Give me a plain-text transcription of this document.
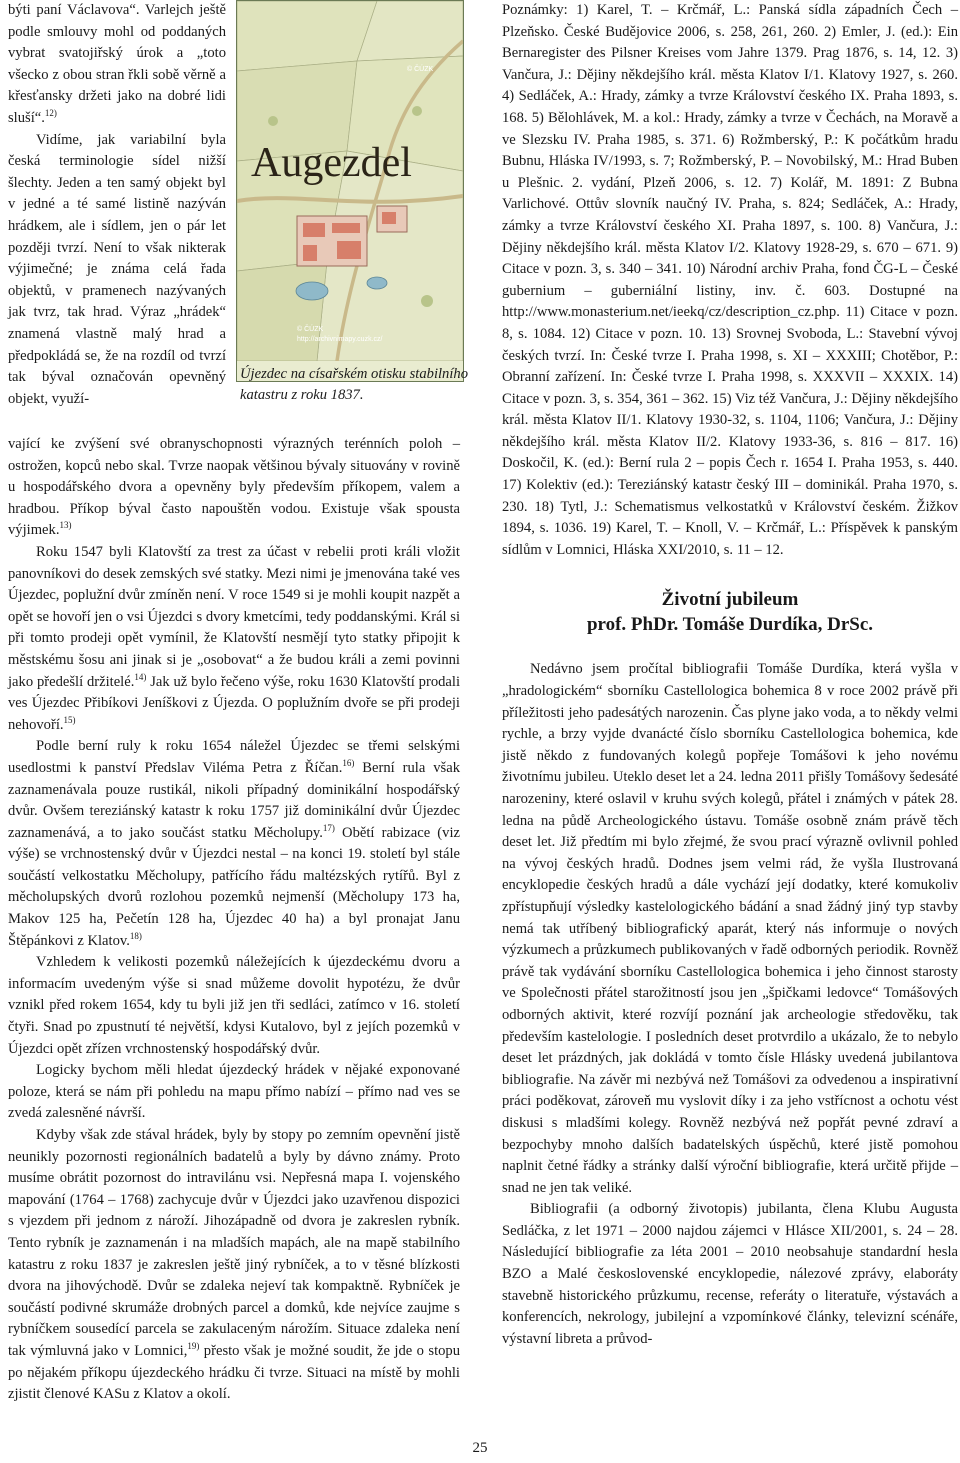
býti paní Václavova“. Varlejch ještě podle smlouvy mohl od poddaných vybrat svatojiřský úrok a „toto všecko z obou stran řkli sobě věrně a křesťansky držeti jako na dobré lidi sluší“.$^{12)}$

Vidíme, jak variabilní byla česká terminologie sídel nižší šlechty. Jeden a ten samý objekt byl v jedné a té samé listině nazýván hrádkem, ale i sídlem, jen o pár let později tvrzí. Není to však nikterak výjimečné; je známa celá řada objektů, v pramenech nazývaných jak tvrz, tak hrad. Výraz „hrádek“ znamená vlastně malý hrad a předpokládá se, že na rozdíl od tvrzí tak býval označován opevněný objekt, využí-

Augezdel
© ČÚZK
© ČÚZK
http://archivnimapy.cuzk.cz/
Újezdec na císařském otisku stabilního katastru z roku 1837.

vající ke zvýšení své obranyschopnosti výrazných terénních poloh – ostrožen, kopců nebo skal. Tvrze naopak většinou bývaly situovány v rovině u hospodářského dvora a opevněny byly především příkopem, valem a hradbou. Příkop býval často napouštěn vodou. Existuje však spousta výjimek.$^{13)}$

Roku 1547 byli Klatovští za trest za účast v rebelii proti králi vložit panovníkovi do desek zemských své statky. Mezi nimi je jmenována také ves Újezdec, poplužní dvůr zmíněn není. V roce 1549 si je mohli koupit nazpět a opět se hovoří jen o vsi Újezdci s dvory kmetcími, tedy poddanskými. Král si při tomto prodeji opět vymínil, že Klatovští nesmějí tyto statky připojit k městskému šosu ani jinak si je „osobovat“ a že budou králi a zemi povinni jako předešlí držitelé.$^{14)}$ Jak už bylo řečeno výše, roku 1630 Klatovští prodali ves Újezdec Přibíkovi Jeníškovi z Újezda. O poplužním dvoře se při prodeji nehovoří.$^{15)}$

Podle berní ruly k roku 1654 náležel Újezdec se třemi selskými usedlostmi k panství Předslav Viléma Petra z Říčan.$^{16)}$ Berní rula však zaznamenávala pouze rustikál, nikoli případný dominikální hospodářský dvůr. Ovšem tereziánský katastr k roku 1757 již dominikální dvůr Újezdec zaznamenává, a to jako součást statku Měcholupy.$^{17)}$ Obětí rabizace (viz výše) se vrchnostenský dvůr v Újezdci nestal – na konci 19. století byl stále součástí velkostatku Měcholupy, patřícího řádu maltézských rytířů. Byl z měcholupských dvorů rozlohou pozemků nejmenší (Měcholupy 173 ha, Makov 125 ha, Pečetín 128 ha, Újezdec 40 ha) a byl pronajat Janu Štěpánkovi z Klatov.$^{18)}$

Vzhledem k velikosti pozemků náležejících k újezdeckému dvoru a informacím uvedeným výše si snad můžeme dovolit hypotézu, že dvůr vznikl před rokem 1654, kdy tu byli již jen tři sedláci, zatímco v 16. století čtyři. Snad po zpustnutí té největší, kdysi Kutalovo, byl z jejích pozemků v Újezdci opět zřízen vrchnostenský hospodářský dvůr.

Logicky bychom měli hledat újezdecký hrádek v nějaké exponované poloze, která se nám při pohledu na mapu přímo nabízí – přímo nad ves se zvedá zalesněné návrší.

Kdyby však zde stával hrádek, byly by stopy po zemním opevnění jistě neunikly pozornosti regionálních badatelů a byly by dávno známy. Proto musíme obrátit pozornost do intravilánu vsi. Nepřesná mapa I. vojenského mapování (1764 – 1768) zachycuje dvůr v Újezdci jako uzavřenou dispozici s vjezdem při jednom z nároží. Jihozápadně od dvora je zakreslen rybník. Tento rybník je zaznamenán i na mladších mapách, ale na mapě stabilního katastru z roku 1837 je zakreslen ještě jiný rybníček, a to v těsné blízkosti dvora na jihovýchodě. Dvůr se zdaleka nejeví tak kompaktně. Rybníček je součástí podivné skrumáže drobných parcel a domků, kde nejvíce zaujme s rybníčkem sousedící parcela se zakulaceným nárožím. Situace zdaleka není tak výmluvná jako v Lomnici,$^{19)}$ přesto však je možné soudit, že jde o stopu po nějakém příkopu újezdeckého hrádku či tvrze. Situaci na místě by mohli zjistit členové KASu z Klatov a okolí.

Poznámky: 1) Karel, T. – Krčmář, L.: Panská sídla západních Čech – Plzeňsko. České Budějovice 2006, s. 258, 261, 260. 2) Emler, J. (ed.): Ein Bernaregister des Pilsner Kreises vom Jahre 1379. Prag 1876, s. 14, 12. 3) Vančura, J.: Dějiny někdejšího král. města Klatov I/1. Klatovy 1927, s. 260. 4) Sedláček, A.: Hrady, zámky a tvrze Království českého IX. Praha 1893, s. 168. 5) Bělohlávek, M. a kol.: Hrady, zámky a tvrze v Čechách, na Moravě a ve Slezsku IV. Praha 1985, s. 371. 6) Rožmberský, P.: K počátkům hradu Bubnu, Hláska IV/1993, s. 7; Rožmberský, P. – Novobilský, M.: Hrad Buben u Plešnic. 2. vydání, Plzeň 2006, s. 12. 7) Kolář, M. 1891: Z Bubna Varlichové. Ottův slovník naučný IV. Praha, s. 824; Sedláček, A.: Hrady, zámky a tvrze Království českého XI. Praha 1897, s. 100. 8) Vančura, J.: Dějiny někdejšího král. města Klatov I/2. Klatovy 1928-29, s. 670 – 671. 9) Citace v pozn. 3, s. 340 – 341. 10) Národní archiv Praha, fond ČG-L – České gubernium – guberniální listiny, inv. č. 603. Dostupné na http://www.monasterium.net/ieekq/cz/description_cz.php. 11) Citace v pozn. 8, s. 1084. 12) Citace v pozn. 10. 13) Srovnej Svoboda, L.: Stavební vývoj českých tvrzí. In: České tvrze I. Praha 1998, s. XI – XXXIII; Chotěbor, P.: Obranní zařízení. In: České tvrze I. Praha 1998, s. XXXVII – XXXIX. 14) Citace v pozn. 3, s. 354, 361 – 362. 15) Viz též Vančura, J.: Dějiny někdejšího král. města Klatov II/1. Klatovy 1930-32, s. 1104, 1106; Vančura, J.: Dějiny někdejšího král. města Klatov II/2. Klatovy 1933-36, s. 816 – 817. 16) Doskočil, K. (ed.): Berní rula 2 – popis Čech r. 1654 I. Praha 1953, s. 440. 17) Kolektiv (ed.): Tereziánský katastr český III – dominikál. Praha 1970, s. 230. 18) Tytl, J.: Schematismus velkostatků v Království českém. Žižkov 1894, s. 1036. 19) Karel, T. – Knoll, V. – Krčmář, L.: Příspěvek k panským sídlům v Lomnici, Hláska XXI/2010, s. 11 – 12.

Životní jubileum
prof. PhDr. Tomáše Durdíka, DrSc.

Nedávno jsem pročítal bibliografii Tomáše Durdíka, která vyšla v „hradologickém“ sborníku Castellologica bohemica 8 v roce 2002 právě při příležitosti jeho padesátých narozenin. Čas plyne jako voda, a to někdy velmi rychle, a brzy vyjde dvanácté číslo sborníku Castellologica bohemica, kde jistě někdo z fundovaných kolegů popřeje Tomášovi k jeho novému životnímu jubileu. Uteklo deset let a 24. ledna 2011 přišly Tomášovy šedesáté narozeniny, které oslavil v kruhu svých kolegů, přátel i známých v pátek 28. ledna na půdě Archeologického ústavu. Tomáše osobně znám právě těch deset let. Již předtím mi bylo zřejmé, že svou prací výrazně ovlivnil pohled na vývoj českých hradů. Dodnes jsem velmi rád, že vyšla Ilustrovaná encyklopedie českých hradů a dále vychází její dodatky, které komukoliv zpřístupňují výsledky kastelologického bádání a snad žádný jiný typ stavby nemá tak utříbený bibliografický aparát, který nás informuje o nových výzkumech a průzkumech publikovaných v řadě odborných periodik. Rovněž právě tak vydávání sborníku Castellologica bohemica i jeho činnost starosty ve Společnosti přátel starožitností jsou jen „špičkami ledovce“ Tomášových odborných aktivit, které rozvíjí poznání jak archeologie středověku, tak především kastelologie. I posledních deset protvrdilo a ukázalo, že to nebylo deset let prázdných, jak dokládá v tomto čísle Hlásky uvedená jubilantova bibliografie. Na závěr mi nezbývá než Tomášovi za odvedenou a inspirativní práci poděkovat, zároveň mu vyslovit díky i za jeho vstřícnost a ochotu vést diskusi s mladšími kolegy. Rovněž nezbývá než popřát pevné zdraví a bezpochyby mnoho dalších badatelských úspěchů, které jistě pomohou naplnit četné řádky a stránky další výroční bibliografie, která určitě přijde – snad ne jen tak veliké.

Bibliografii (a odborný životopis) jubilanta, člena Klubu Augusta Sedláčka, z let 1971 – 2000 najdou zájemci v Hlásce XII/2001, s. 24 – 28. Následující bibliografie za léta 2001 – 2010 neobsahuje standardní hesla BZO a Malé československé encyklopedie, nálezové zprávy, elaboráty stavebně historického průzkumu, recense, referáty o literatuře, výstavách a konferencích, nekrology, jubilejní a vzpomínkové články, televizní scénáře, výstavní libreta a průvod-

25
